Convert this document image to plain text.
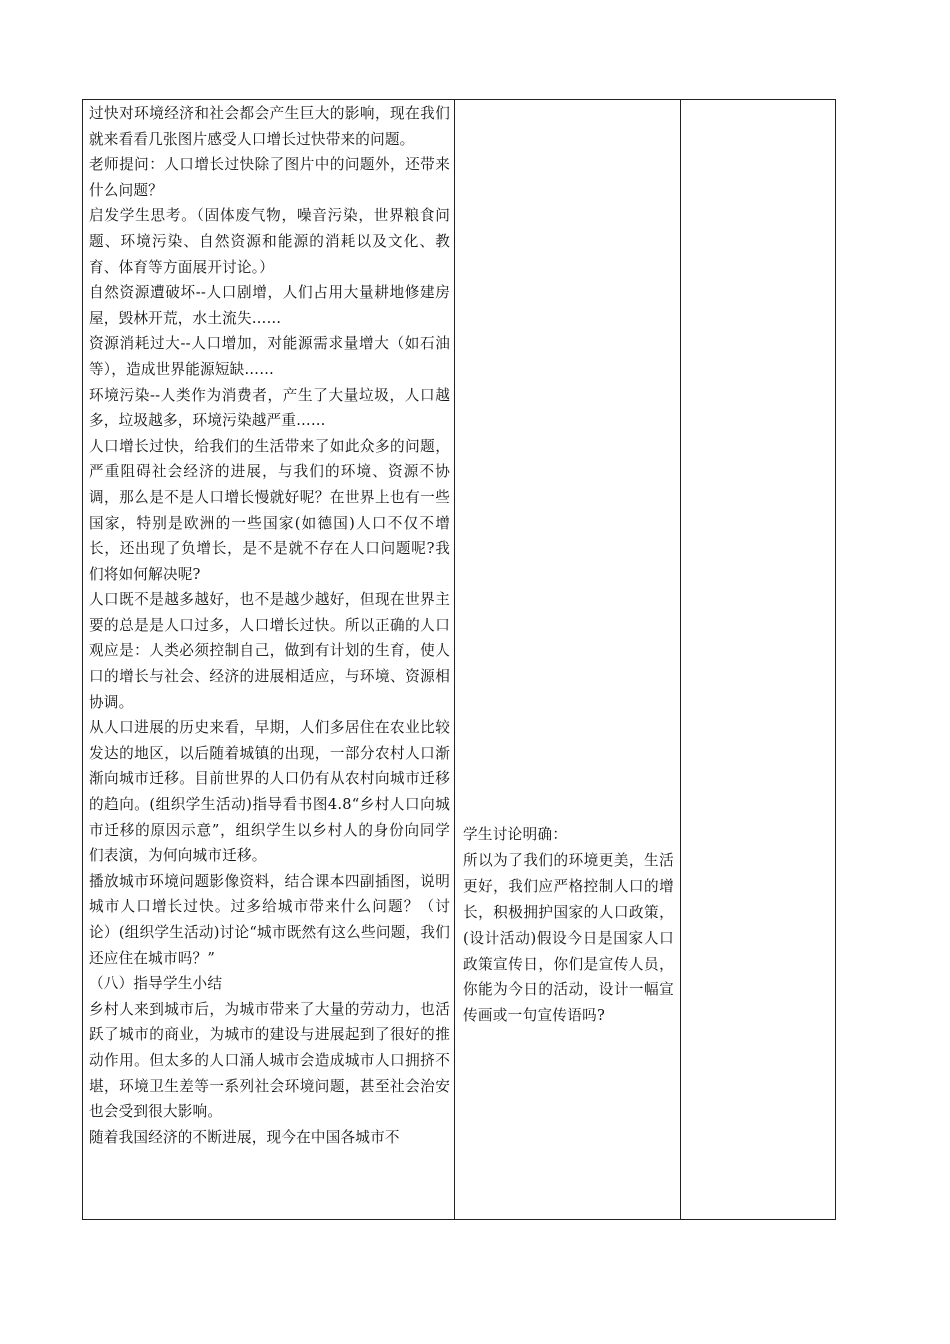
过快对环境经济和社会都会产生巨大的影响，现在我们就来看看几张图片感受人口增长过快带来的问题。

老师提问：人口增长过快除了图片中的问题外，还带来什么问题？

启发学生思考。（固体废气物，噪音污染，世界粮食问题、环境污染、自然资源和能源的消耗以及文化、教育、体育等方面展开讨论。）

自然资源遭破坏--人口剧增，人们占用大量耕地修建房屋，毁林开荒，水土流失……

资源消耗过大--人口增加，对能源需求量增大（如石油等），造成世界能源短缺……

环境污染--人类作为消费者，产生了大量垃圾，人口越多，垃圾越多，环境污染越严重……

人口增长过快，给我们的生活带来了如此众多的问题，严重阻碍社会经济的进展，与我们的环境、资源不协调，那么是不是人口增长慢就好呢？在世界上也有一些国家，特别是欧洲的一些国家(如德国)人口不仅不增长，还出现了负增长，是不是就不存在人口问题呢?我们将如何解决呢?

人口既不是越多越好，也不是越少越好，但现在世界主要的总是是人口过多，人口增长过快。所以正确的人口观应是：人类必须控制自己，做到有计划的生育，使人口的增长与社会、经济的进展相适应，与环境、资源相协调。

从人口进展的历史来看，早期，人们多居住在农业比较发达的地区，以后随着城镇的出现，一部分农村人口渐渐向城市迁移。目前世界的人口仍有从农村向城市迁移的趋向。(组织学生活动)指导看书图4.8“乡村人口向城市迁移的原因示意”，组织学生以乡村人的身份向同学们表演，为何向城市迁移。

播放城市环境问题影像资料，结合课本四副插图，说明城市人口增长过快。过多给城市带来什么问题？（讨论）(组织学生活动)讨论“城市既然有这么些问题，我们还应住在城市吗？”

（八）指导学生小结

乡村人来到城市后，为城市带来了大量的劳动力，也活跃了城市的商业，为城市的建设与进展起到了很好的推动作用。但太多的人口涌人城市会造成城市人口拥挤不堪，环境卫生差等一系列社会环境问题，甚至社会治安也会受到很大影响。

随着我国经济的不断进展，现今在中国各城市不

学生讨论明确：

所以为了我们的环境更美，生活更好，我们应严格控制人口的增长，积极拥护国家的人口政策，(设计活动)假设今日是国家人口政策宣传日，你们是宣传人员，你能为今日的活动，设计一幅宣传画或一句宣传语吗?
